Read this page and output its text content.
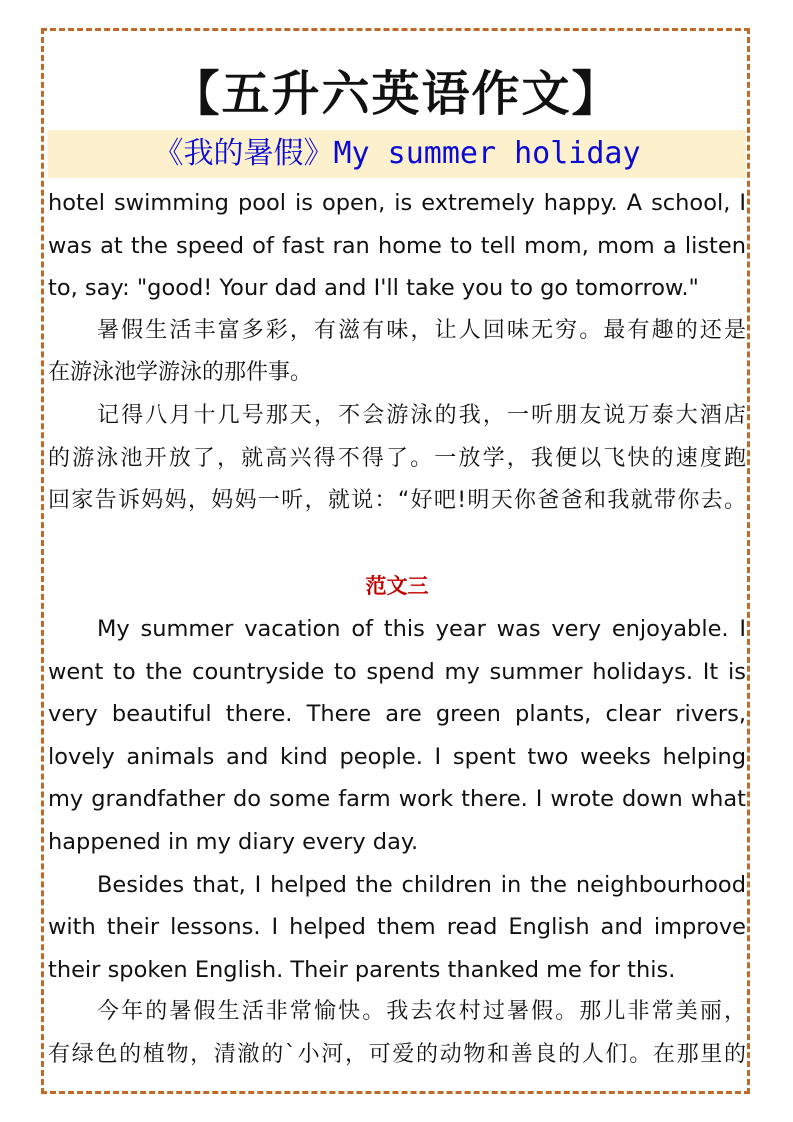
【五升六英语作文】
《我的暑假》My summer holiday
hotel swimming pool is open, is extremely happy. A school, I
was at the speed of fast ran home to tell mom, mom a listen
to, say: "good! Your dad and I'll take you to go tomorrow."
暑假生活丰富多彩，有滋有味，让人回味无穷。最有趣的还是
在游泳池学游泳的那件事。
记得八月十几号那天，不会游泳的我，一听朋友说万泰大酒店
的游泳池开放了，就高兴得不得了。一放学，我便以飞快的速度跑
回家告诉妈妈，妈妈一听，就说：“好吧!明天你爸爸和我就带你去。
范文三
My summer vacation of this year was very enjoyable. I
went to the countryside to spend my summer holidays. It is
very beautiful there. There are green plants, clear rivers,
lovely animals and kind people. I spent two weeks helping
my grandfather do some farm work there. I wrote down what
happened in my diary every day.
Besides that, I helped the children in the neighbourhood
with their lessons. I helped them read English and improve
their spoken English. Their parents thanked me for this.
今年的暑假生活非常愉快。我去农村过暑假。那儿非常美丽，
有绿色的植物，清澈的`小河，可爱的动物和善良的人们。在那里的
